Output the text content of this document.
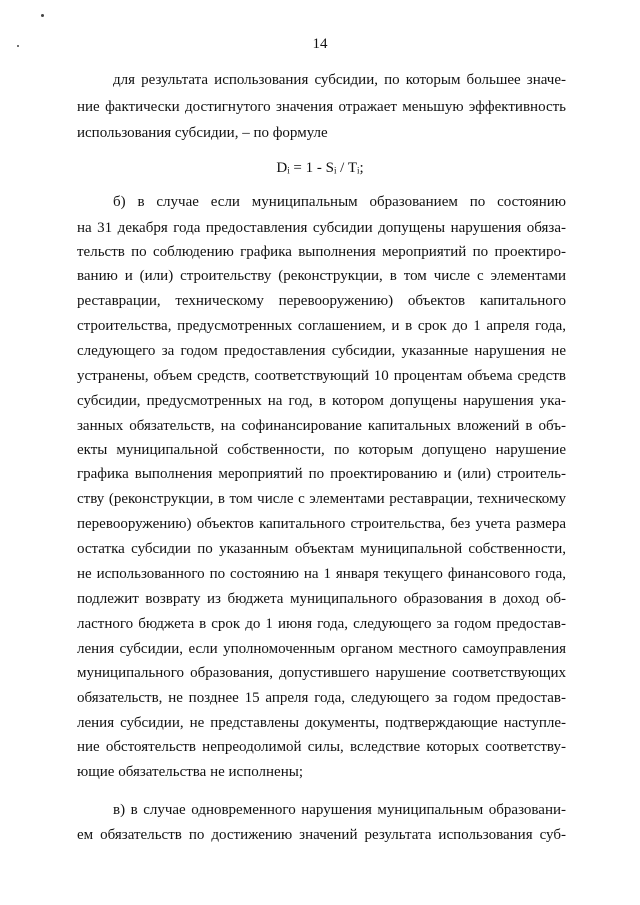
14
Dᵢ = 1 - Sᵢ / Tᵢ;
для результата использования субсидии, по которым большее значе-
ние фактически достигнутого значения отражает меньшую эффективность
использования субсидии, – по формуле
б) в случае если муниципальным образованием по состоянию
на 31 декабря года предоставления субсидии допущены нарушения обяза-
тельств по соблюдению графика выполнения мероприятий по проектиро-
ванию и (или) строительству (реконструкции, в том числе с элементами
реставрации, техническому перевооружению) объектов капитального
строительства, предусмотренных соглашением, и в срок до 1 апреля года,
следующего за годом предоставления субсидии, указанные нарушения не
устранены, объем средств, соответствующий 10 процентам объема средств
субсидии, предусмотренных на год, в котором допущены нарушения ука-
занных обязательств, на софинансирование капитальных вложений в объ-
екты муниципальной собственности, по которым допущено нарушение
графика выполнения мероприятий по проектированию и (или) строитель-
ству (реконструкции, в том числе с элементами реставрации, техническому
перевооружению) объектов капитального строительства, без учета размера
остатка субсидии по указанным объектам муниципальной собственности,
не использованного по состоянию на 1 января текущего финансового года,
подлежит возврату из бюджета муниципального образования в доход об-
ластного бюджета в срок до 1 июня года, следующего за годом предостав-
ления субсидии, если уполномоченным органом местного самоуправления
муниципального образования, допустившего нарушение соответствующих
обязательств, не позднее 15 апреля года, следующего за годом предостав-
ления субсидии, не представлены документы, подтверждающие наступле-
ние обстоятельств непреодолимой силы, вследствие которых соответству-
ющие обязательства не исполнены;
в) в случае одновременного нарушения муниципальным образовани-
ем обязательств по достижению значений результата использования суб-
